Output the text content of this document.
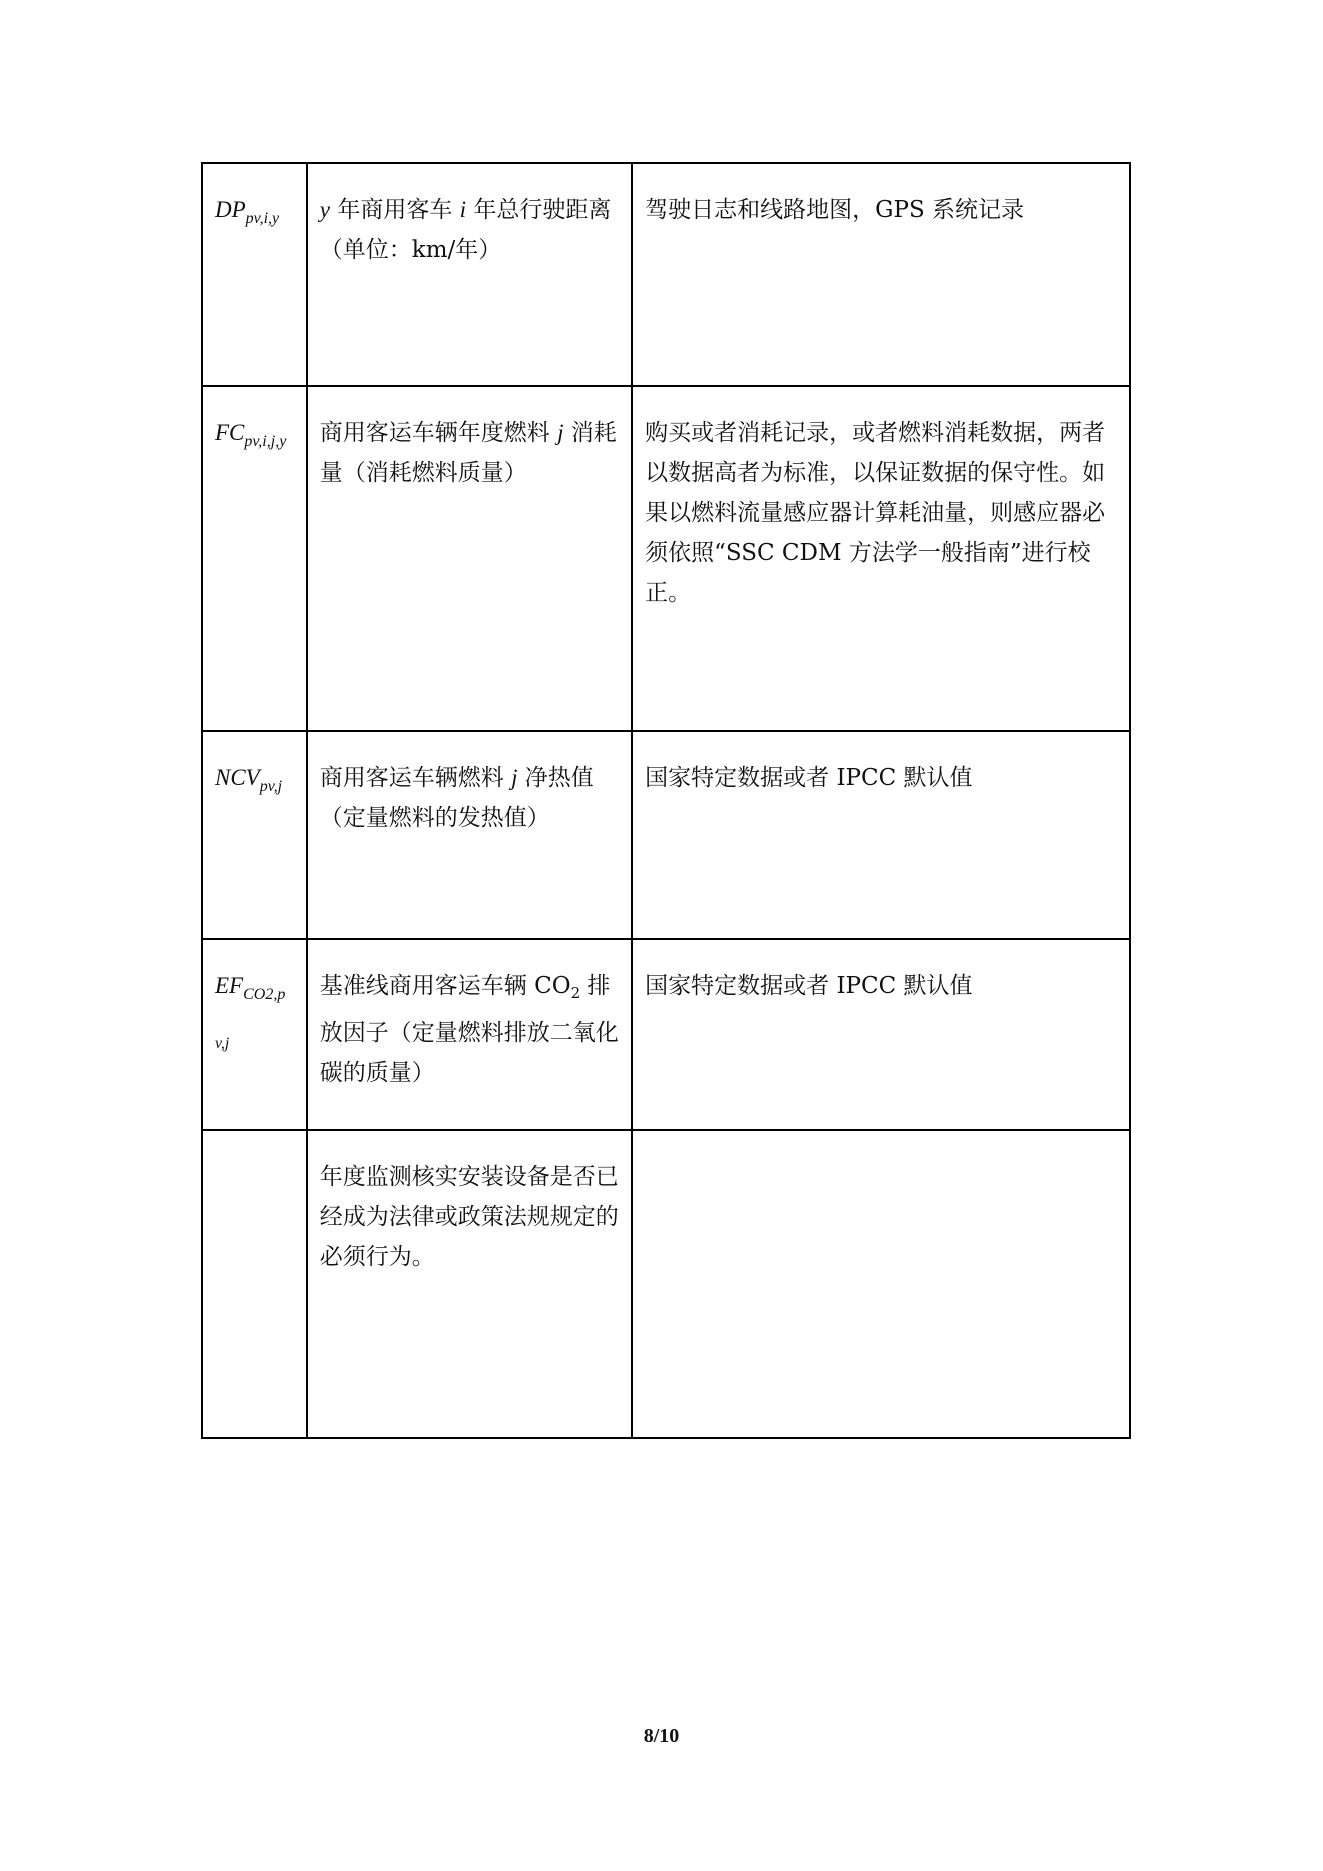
$DP_{pv,i,y}$	y 年商用客车 i 年总行驶距离（单位：km/年）	驾驶日志和线路地图，GPS 系统记录
$FC_{pv,i,j,y}$	商用客运车辆年度燃料 j 消耗量（消耗燃料质量）	购买或者消耗记录，或者燃料消耗数据，两者以数据高者为标准，以保证数据的保守性。如果以燃料流量感应器计算耗油量，则感应器必须依照“SSC CDM 方法学一般指南”进行校正。
$NCV_{pv,j}$	商用客运车辆燃料 j 净热值（定量燃料的发热值）	国家特定数据或者 IPCC 默认值
$EF_{CO2,pv,j}$	基准线商用客运车辆 $CO_2$ 排放因子（定量燃料排放二氧化碳的质量）	国家特定数据或者 IPCC 默认值
	年度监测核实安装设备是否已经成为法律或政策法规规定的必须行为。	
8/10
